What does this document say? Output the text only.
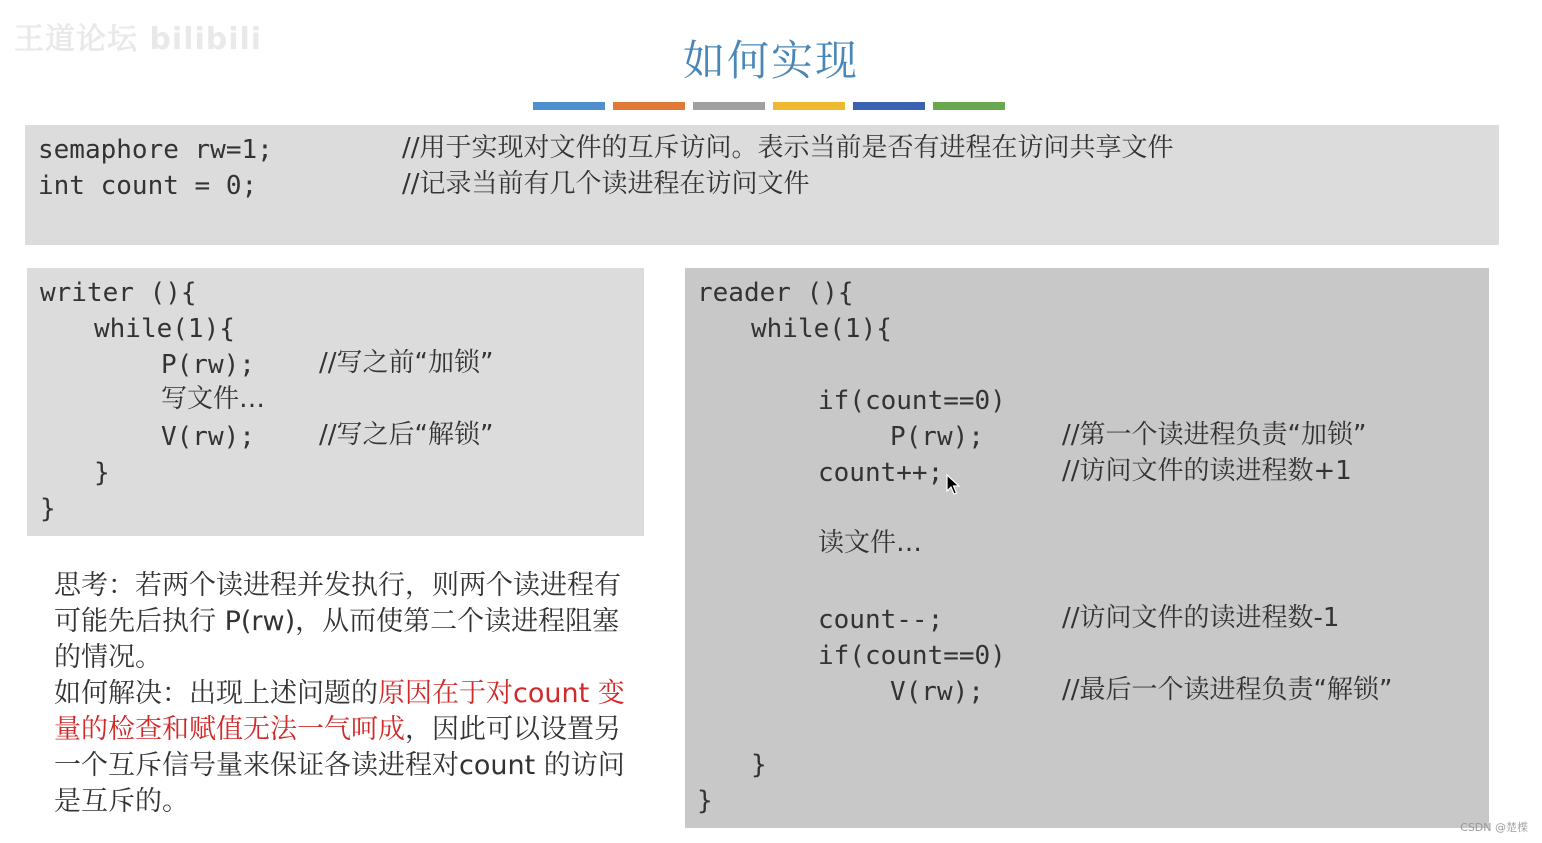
王道论坛 bilibili	如何实现
semaphore rw=1;	//用于实现对文件的互斥访问。表示当前是否有进程在访问共享文件
int count = 0;	//记录当前有几个读进程在访问文件
writer (){
while(1){
P(rw); //写之前“加锁”
写文件…
V(rw); //写之后“解锁”
}
}
reader (){
while(1){
if(count==0)
P(rw);	//第一个读进程负责“加锁”
count++;	//访问文件的读进程数+1
读文件…
count--;	//访问文件的读进程数-1
if(count==0)
V(rw);	//最后一个读进程负责“解锁”
}
}
思考：若两个读进程并发执行，则两个读进程有可能先后执行 P(rw)，从而使第二个读进程阻塞的情况。
如何解决：出现上述问题的原因在于对count 变量的检查和赋值无法一气呵成，因此可以设置另一个互斥信号量来保证各读进程对count 的访问是互斥的。
CSDN @楚楪
